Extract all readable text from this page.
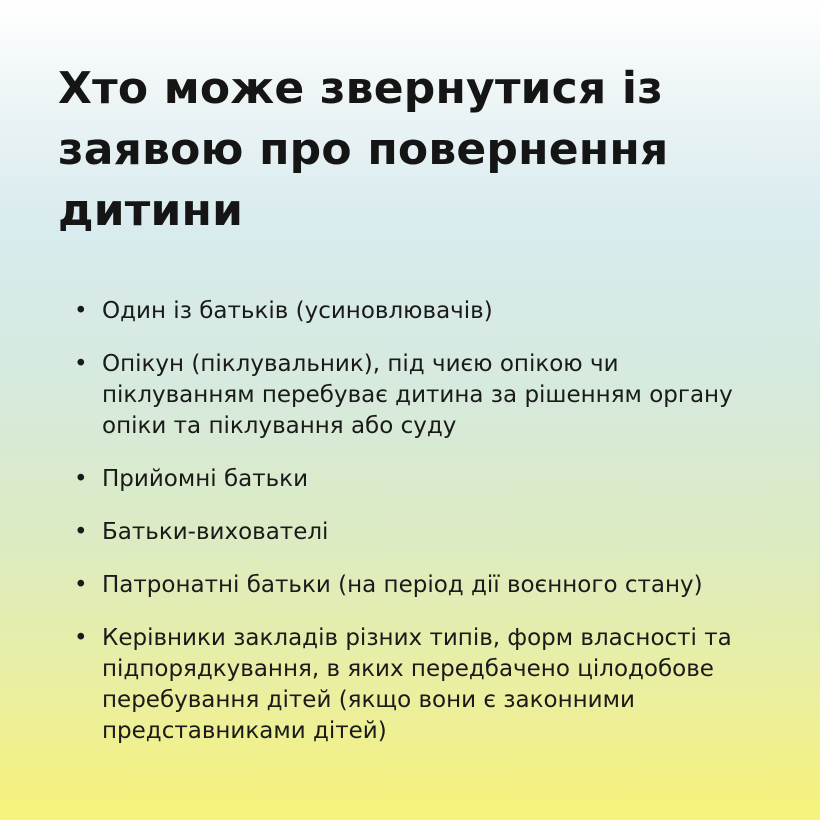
Хто може звернутися із заявою про повернення дитини
• Один із батьків (усиновлювачів)
• Опікун (піклувальник), під чиєю опікою чи піклуванням перебуває дитина за рішенням органу опіки та піклування або суду
• Прийомні батьки
• Батьки-вихователі
• Патронатні батьки (на період дії воєнного стану)
• Керівники закладів різних типів, форм власності та підпорядкування, в яких передбачено цілодобове перебування дітей (якщо вони є законними представниками дітей)
